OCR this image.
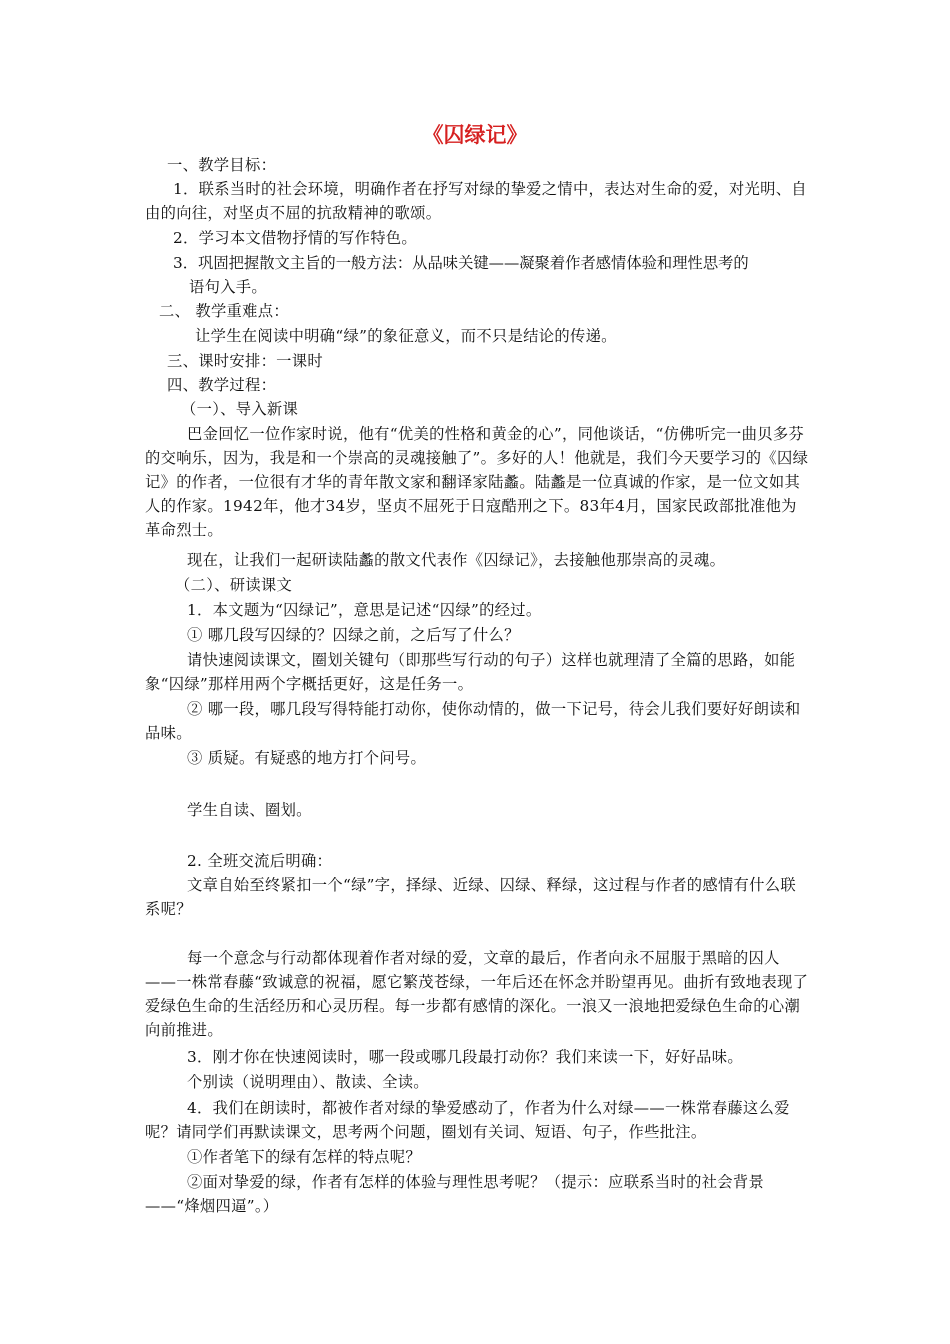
《囚绿记》
一、教学目标：
1．联系当时的社会环境，明确作者在抒写对绿的挚爱之情中，表达对生命的爱，对光明、自由的向往，对坚贞不屈的抗敌精神的歌颂。
2．学习本文借物抒情的写作特色。
3．巩固把握散文主旨的一般方法：从品味关键——凝聚着作者感情体验和理性思考的
语句入手。
二、 教学重难点：
让学生在阅读中明确“绿”的象征意义，而不只是结论的传递。
三、课时安排：一课时
四、教学过程：
（一）、导入新课
巴金回忆一位作家时说，他有“优美的性格和黄金的心”，同他谈话，“仿佛听完一曲贝多芬的交响乐，因为，我是和一个崇高的灵魂接触了”。多好的人！他就是，我们今天要学习的《囚绿记》的作者，一位很有才华的青年散文家和翻译家陆蠡。陆蠡是一位真诚的作家，是一位文如其人的作家。1942年，他才34岁，坚贞不屈死于日寇酷刑之下。83年4月，国家民政部批准他为革命烈士。
现在，让我们一起研读陆蠡的散文代表作《囚绿记》，去接触他那崇高的灵魂。
（二）、研读课文
1．本文题为“囚绿记”，意思是记述“囚绿”的经过。
① 哪几段写囚绿的？囚绿之前，之后写了什么？
请快速阅读课文，圈划关键句（即那些写行动的句子）这样也就理清了全篇的思路，如能象“囚绿”那样用两个字概括更好，这是任务一。
② 哪一段，哪几段写得特能打动你，使你动情的，做一下记号，待会儿我们要好好朗读和品味。
③ 质疑。有疑惑的地方打个问号。
学生自读、圈划。
2. 全班交流后明确：
文章自始至终紧扣一个“绿”字，择绿、近绿、囚绿、释绿，这过程与作者的感情有什么联系呢？
每一个意念与行动都体现着作者对绿的爱，文章的最后，作者向永不屈服于黑暗的囚人——一株常春藤“致诚意的祝福，愿它繁茂苍绿，一年后还在怀念并盼望再见。曲折有致地表现了爱绿色生命的生活经历和心灵历程。每一步都有感情的深化。一浪又一浪地把爱绿色生命的心潮向前推进。
3．刚才你在快速阅读时，哪一段或哪几段最打动你？我们来读一下，好好品味。
个别读（说明理由）、散读、全读。
4．我们在朗读时，都被作者对绿的挚爱感动了，作者为什么对绿——一株常春藤这么爱呢？请同学们再默读课文，思考两个问题，圈划有关词、短语、句子，作些批注。
①作者笔下的绿有怎样的特点呢？
②面对挚爱的绿，作者有怎样的体验与理性思考呢？（提示：应联系当时的社会背景——“烽烟四逼”。）
